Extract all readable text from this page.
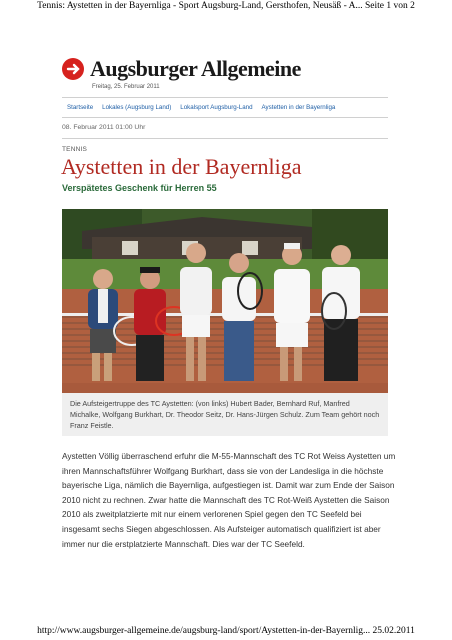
Tennis: Aystetten in der Bayernliga - Sport Augsburg-Land, Gersthofen, Neusäß - A... Seite 1 von 2
Augsburger Allgemeine
Freitag, 25. Februar 2011
Startseite Lokales (Augsburg Land) Lokalsport Augsburg-Land Aystetten in der Bayernliga
08. Februar 2011 01:00 Uhr
TENNIS
Aystetten in der Bayernliga
Verspätetes Geschenk für Herren 55
Die Aufsteigertruppe des TC Aystetten: (von links) Hubert Bader, Bernhard Ruf, Manfred Michalke, Wolfgang Burkhart, Dr. Theodor Seitz, Dr. Hans-Jürgen Schulz. Zum Team gehört noch Franz Feistle.
Aystetten Völlig überraschend erfuhr die M-55-Mannschaft des TC Rot Weiss Aystetten um ihren Mannschaftsführer Wolfgang Burkhart, dass sie von der Landesliga in die höchste bayerische Liga, nämlich die Bayernliga, aufgestiegen ist. Damit war zum Ende der Saison 2010 nicht zu rechnen. Zwar hatte die Mannschaft des TC Rot-Weiß Aystetten die Saison 2010 als zweitplatzierte mit nur einem verlorenen Spiel gegen den TC Seefeld bei insgesamt sechs Siegen abgeschlossen. Als Aufsteiger automatisch qualifiziert ist aber immer nur die erstplatzierte Mannschaft. Dies war der TC Seefeld.
http://www.augsburger-allgemeine.de/augsburg-land/sport/Aystetten-in-der-Bayernlig... 25.02.2011
